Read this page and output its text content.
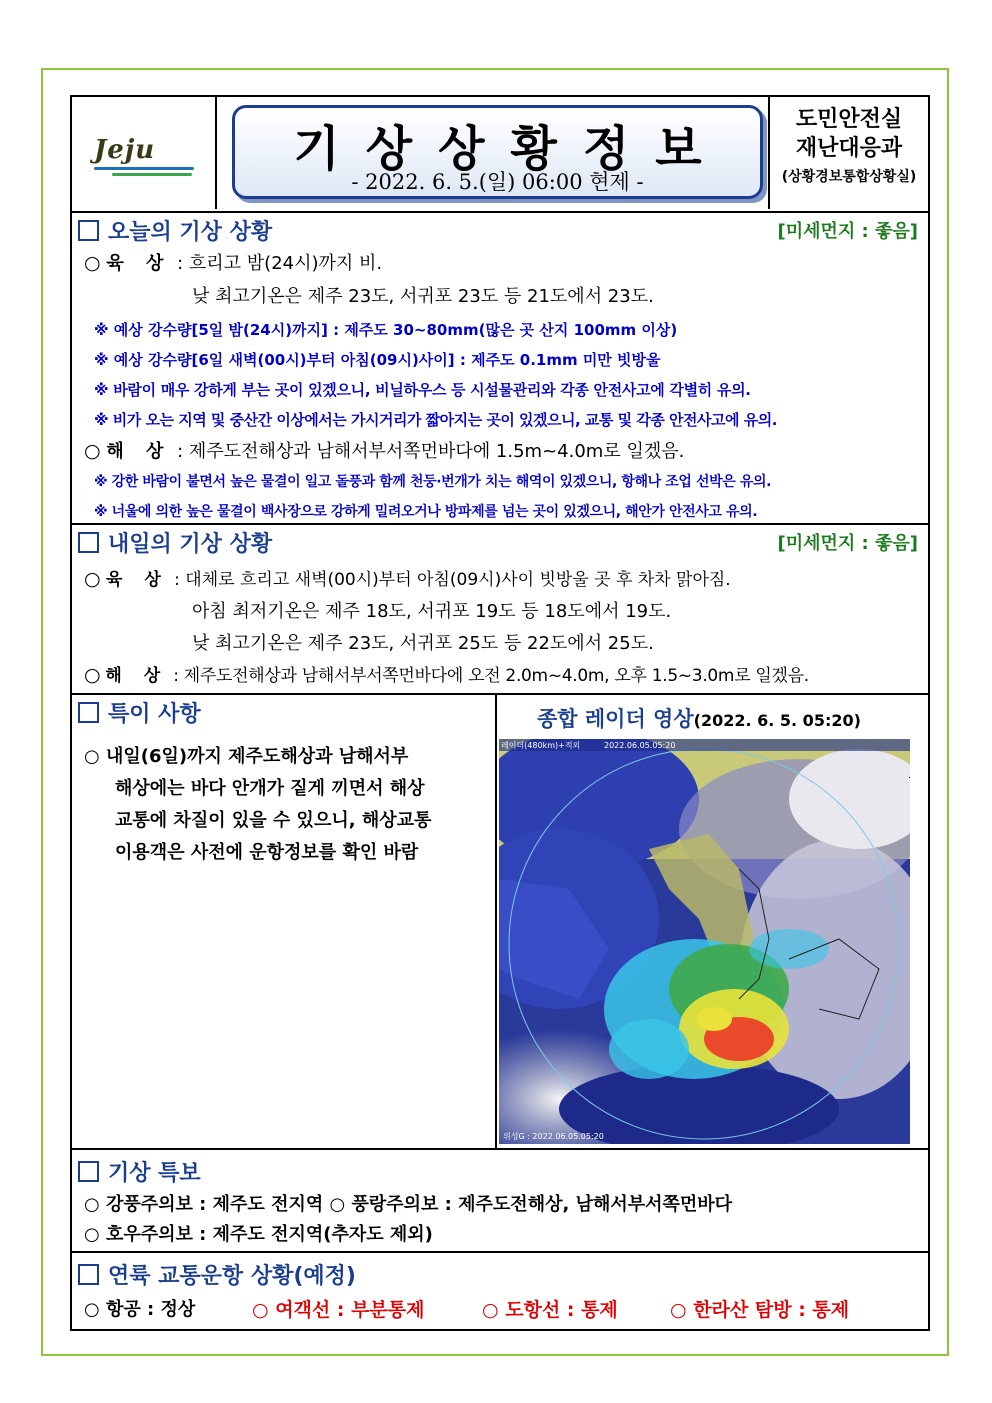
Jeju	기상상황정보
- 2022. 6. 5.(일) 06:00 현제 -
도민안전실
재난대응과
(상황경보통합상황실)
오늘의 기상 상황	[미세먼지 : 좋음]
○ 육 상 : 흐리고 밤(24시)까지 비.
낮 최고기온은 제주 23도, 서귀포 23도 등 21도에서 23도.
※ 예상 강수량[5일 밤(24시)까지] : 제주도 30~80mm(많은 곳 산지 100mm 이상)
※ 예상 강수량[6일 새벽(00시)부터 아침(09시)사이] : 제주도 0.1mm 미만 빗방울
※ 바람이 매우 강하게 부는 곳이 있겠으니, 비닐하우스 등 시설물관리와 각종 안전사고에 각별히 유의.
※ 비가 오는 지역 및 중산간 이상에서는 가시거리가 짧아지는 곳이 있겠으니, 교통 및 각종 안전사고에 유의.
○ 해 상 : 제주도전해상과 남해서부서쪽먼바다에 1.5m~4.0m로 일겠음.
※ 강한 바람이 불면서 높은 물결이 일고 돌풍과 함께 천둥·번개가 치는 해역이 있겠으니, 항해나 조업 선박은 유의.
※ 너울에 의한 높은 물결이 백사장으로 강하게 밀려오거나 방파제를 넘는 곳이 있겠으니, 해안가 안전사고 유의.
내일의 기상 상황	[미세먼지 : 좋음]
○ 육 상 : 대체로 흐리고 새벽(00시)부터 아침(09시)사이 빗방울 곳 후 차차 맑아짐.
아침 최저기온은 제주 18도, 서귀포 19도 등 18도에서 19도.
낮 최고기온은 제주 23도, 서귀포 25도 등 22도에서 25도.
○ 해 상 : 제주도전해상과 남해서부서쪽먼바다에 오전 2.0m~4.0m, 오후 1.5~3.0m로 일겠음.
특이 사항
○ 내일(6일)까지 제주도해상과 남해서부
해상에는 바다 안개가 짙게 끼면서 해상
교통에 차질이 있을 수 있으니, 해상교통
이용객은 사전에 운항정보를 확인 바람
종합 레이더 영상(2022. 6. 5. 05:20)
레이더(480km)+적외	2022.06.05.05:20
위성G : 2022.06.05.05:20
기상 특보
○ 강풍주의보 : 제주도 전지역 ○ 풍랑주의보 : 제주도전해상, 남해서부서쪽먼바다
○ 호우주의보 : 제주도 전지역(추자도 제외)
연륙 교통운항 상황(예정)
○ 항공 : 정상	○ 여객선 : 부분통제	○ 도항선 : 통제	○ 한라산 탐방 : 통제
